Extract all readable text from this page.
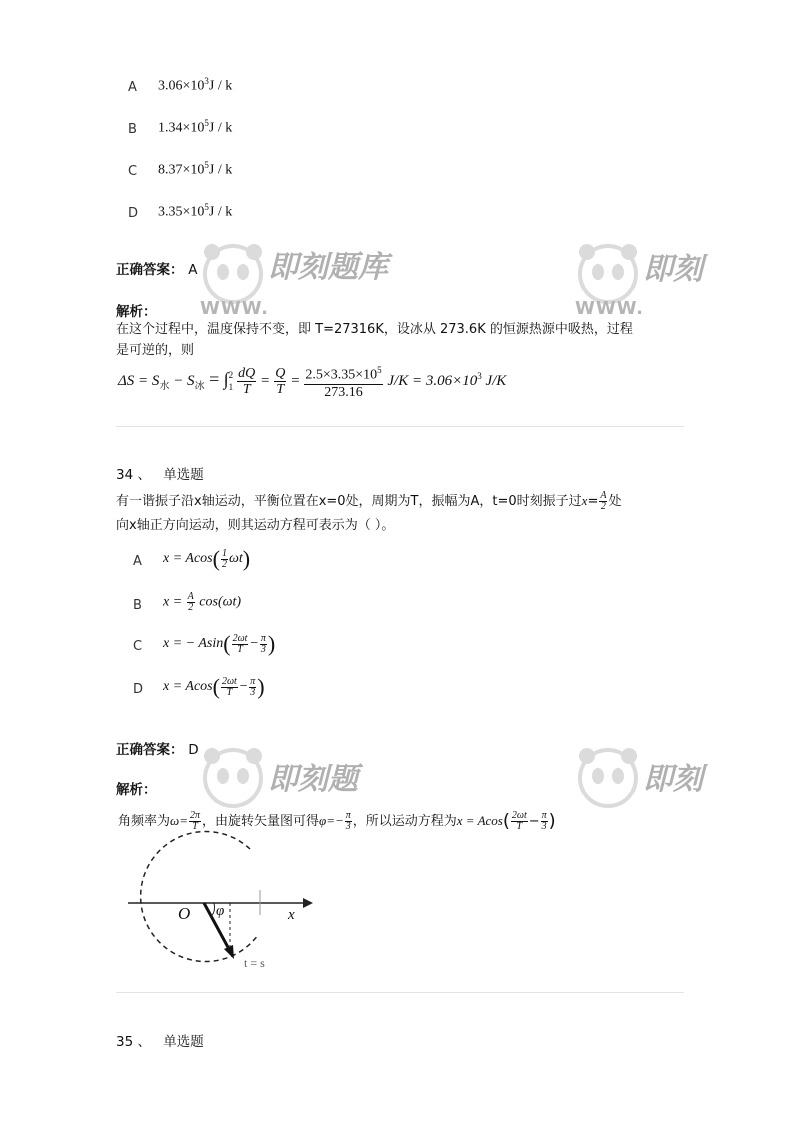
即刻题库
WWW.
即刻
WWW.
即刻题	即刻
A $3.06\times 10^3J / k$
B $1.34\times 10^5J / k$
C $8.37\times 10^5J / k$
D $3.35\times 10^5J / k$
正确答案： A
解析：
在这个过程中，温度保持不变，即 T=27316K，设冰从 273.6K 的恒源热源中吸热，过程
是可逆的，则
$\Delta S = S_水 - S_冰$ = ∫ 2
$1 \frac{dQ}{T} = \frac{Q}{T} = \frac{2.5\times 3.35\times 10^5}{273.16} J/K = 3.06\times 10^3$ J/K
34 、 单选题
有一谐振子沿x轴运动，平衡位置在x=0处，周期为T，振幅为A，t=0时刻振子过$x= \frac{A}{2}$ 处
向x轴正方向运动，则其运动方程可表示为（ ）。
A $x = Acos( \frac{1}{2} \omega t)$
B $x = \frac{A}{2} \cos(\omega t)$
C x = − $Asin( \frac{2\omega t}{T} - \frac{\pi}{3}$ )
D $x = Acos( \frac{2\omega t}{T} - \frac{\pi}{3}$ )
正确答案： D
解析：
角频率为$\omega= \frac{2\pi}{T}$ ，由旋转矢量图可得$\varphi=- \frac{\pi}{3}$ ，所以运动方程为$x = Acos( \frac{2\omega t}{T} - \frac{\pi}{3}$ )
O φ	x
t = s
35 、 单选题
